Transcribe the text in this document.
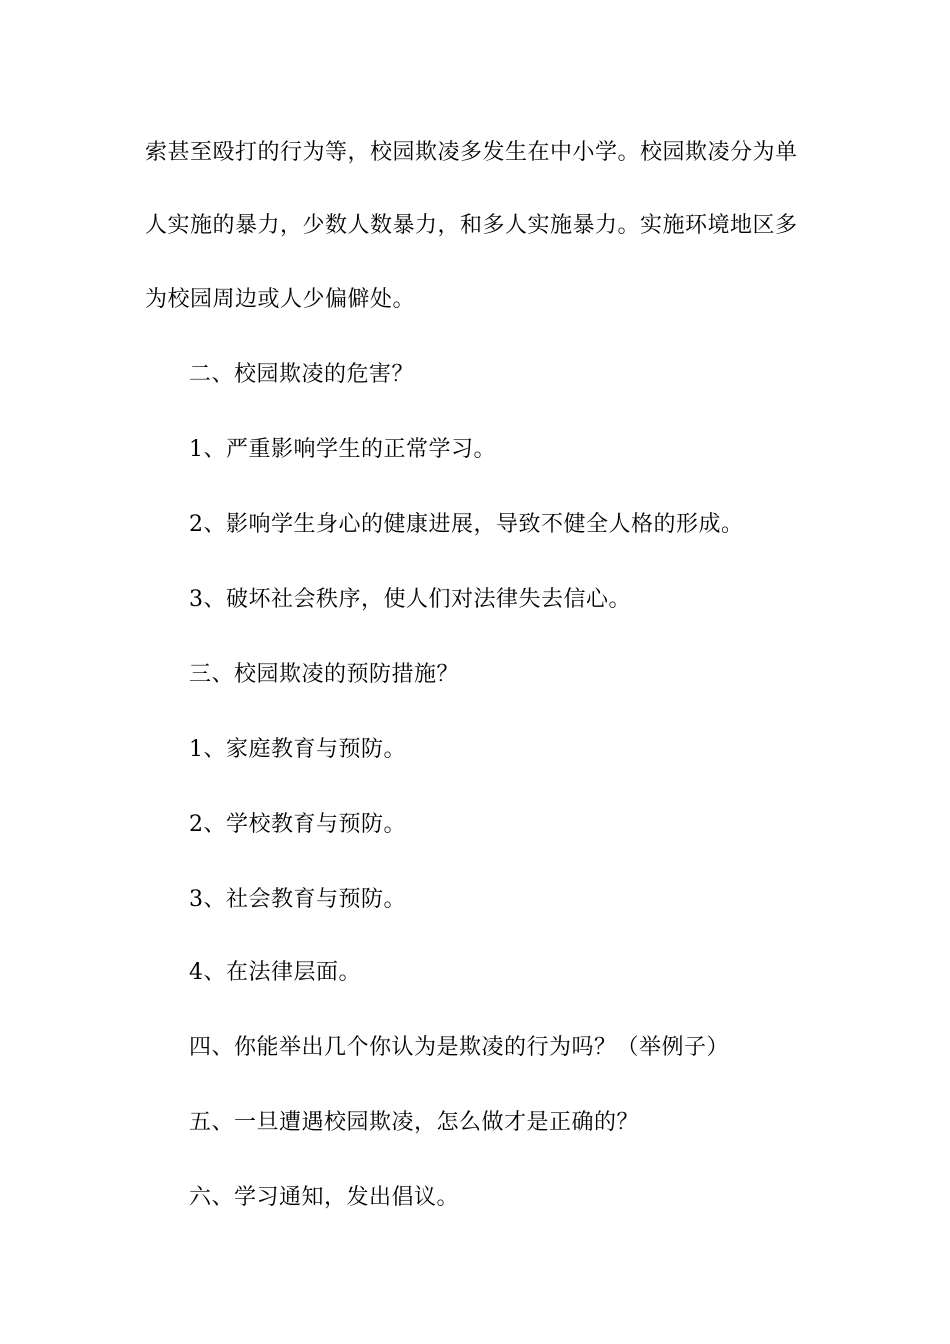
索甚至殴打的行为等，校园欺凌多发生在中小学。校园欺凌分为单
人实施的暴力，少数人数暴力，和多人实施暴力。实施环境地区多
为校园周边或人少偏僻处。
二、校园欺凌的危害？
1、严重影响学生的正常学习。
2、影响学生身心的健康进展，导致不健全人格的形成。
3、破坏社会秩序，使人们对法律失去信心。
三、校园欺凌的预防措施？
1、家庭教育与预防。
2、学校教育与预防。
3、社会教育与预防。
4、在法律层面。
四、你能举出几个你认为是欺凌的行为吗？（举例子）
五、一旦遭遇校园欺凌，怎么做才是正确的？
六、学习通知，发出倡议。
